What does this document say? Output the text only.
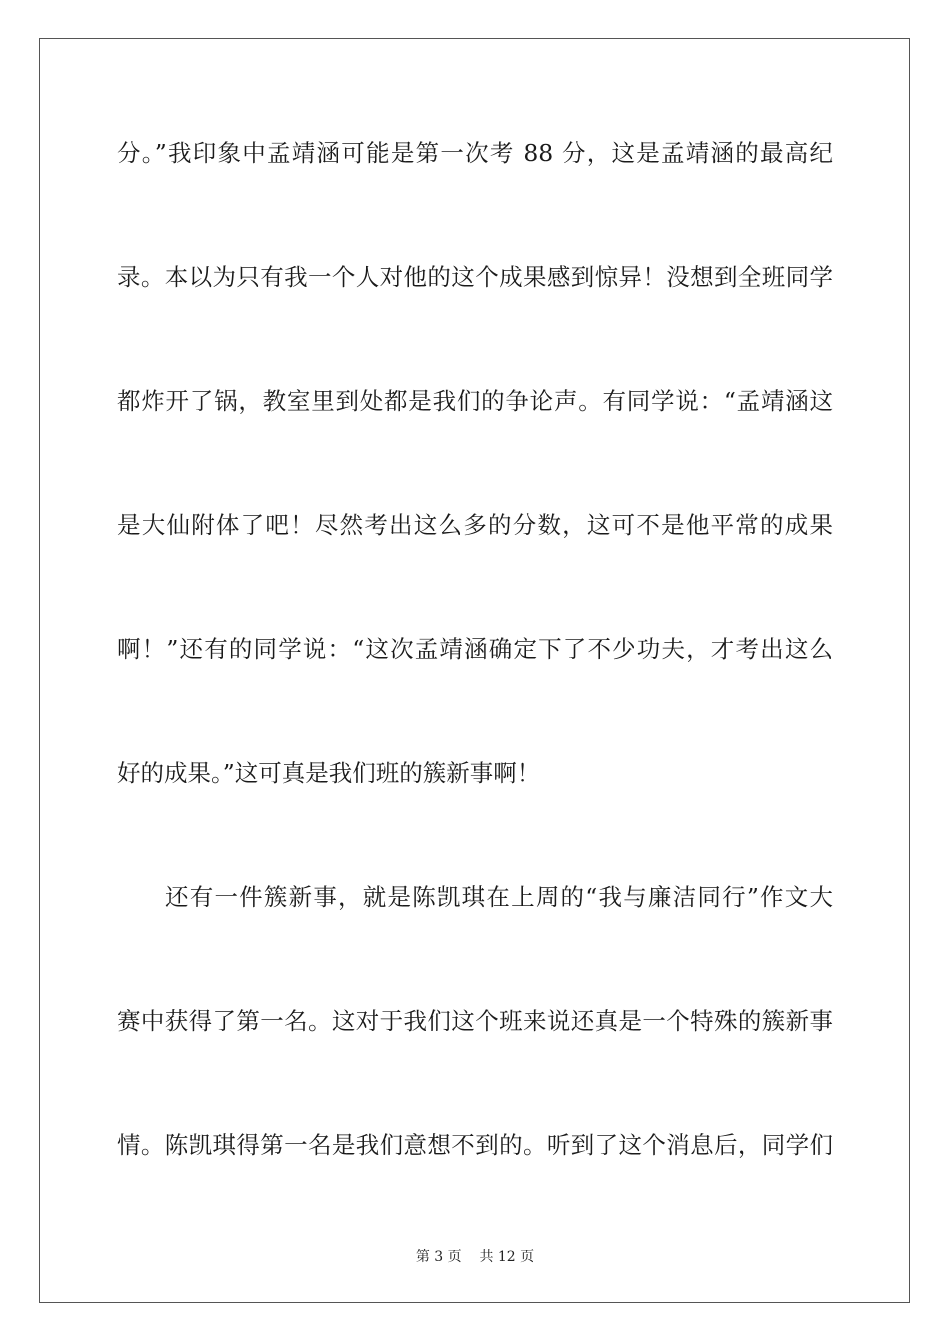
分。”我印象中孟靖涵可能是第一次考 88 分，这是孟靖涵的最高纪
录。本以为只有我一个人对他的这个成果感到惊异！没想到全班同学
都炸开了锅，教室里到处都是我们的争论声。有同学说：“孟靖涵这
是大仙附体了吧！尽然考出这么多的分数，这可不是他平常的成果
啊！”还有的同学说：“这次孟靖涵确定下了不少功夫，才考出这么
好的成果。”这可真是我们班的簇新事啊！
还有一件簇新事，就是陈凯琪在上周的“我与廉洁同行”作文大
赛中获得了第一名。这对于我们这个班来说还真是一个特殊的簇新事
情。陈凯琪得第一名是我们意想不到的。听到了这个消息后，同学们
第 3 页 共 12 页
